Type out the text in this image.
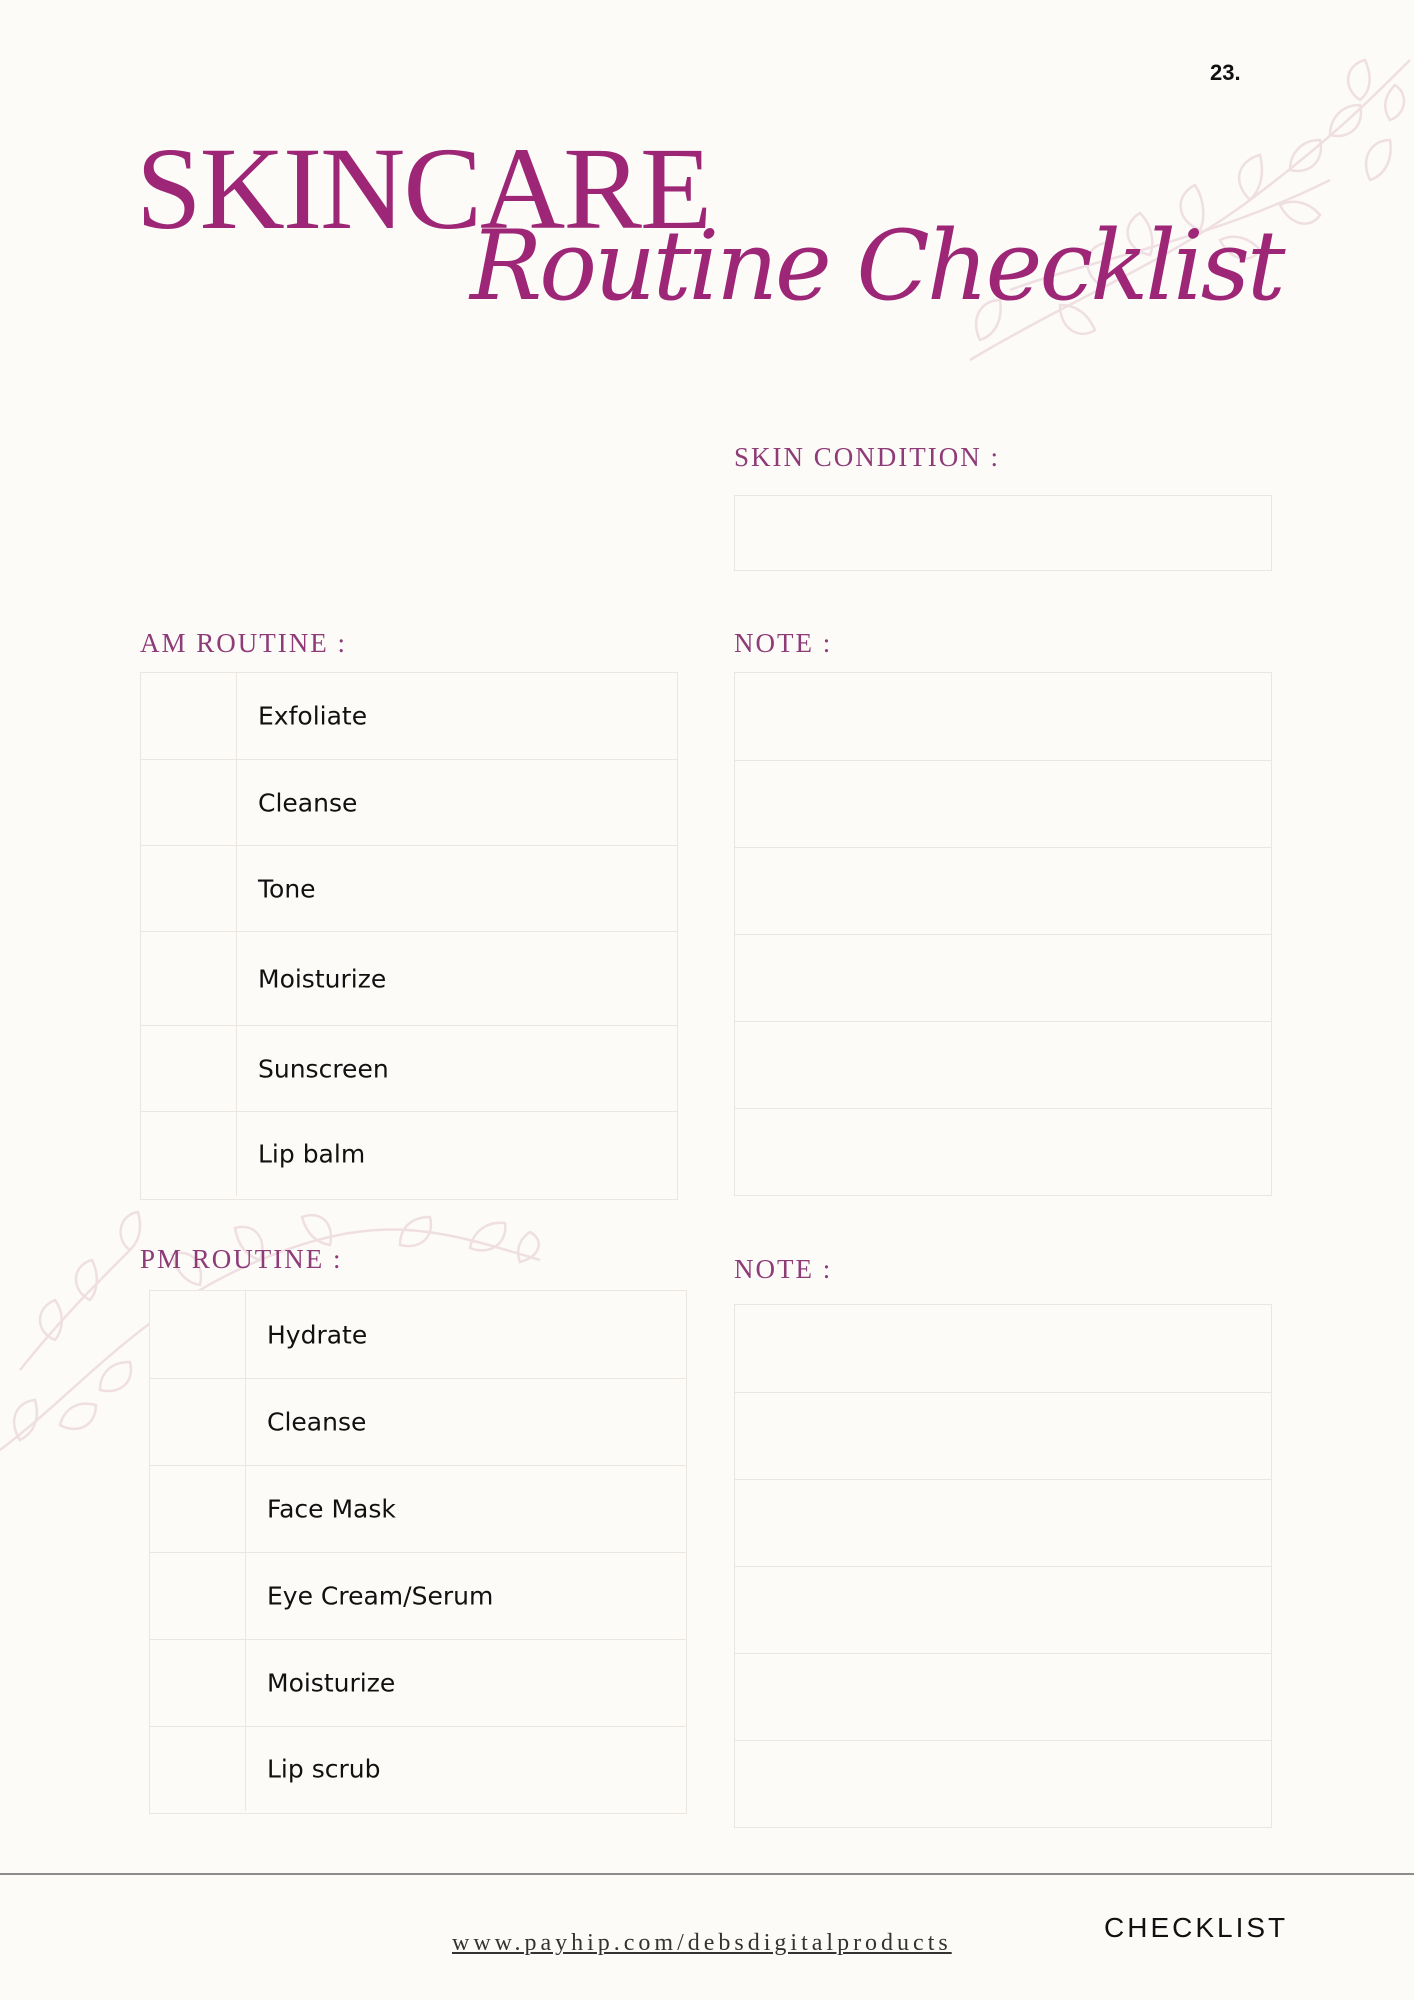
23.
SKINCARE
Routine Checklist
SKIN CONDITION :
AM ROUTINE :
Exfoliate
Cleanse
Tone
Moisturize
Sunscreen
Lip balm
NOTE :
PM ROUTINE :
Hydrate
Cleanse
Face Mask
Eye Cream/Serum
Moisturize
Lip scrub
NOTE :
www.payhip.com/debsdigitalproducts	CHECKLIST
